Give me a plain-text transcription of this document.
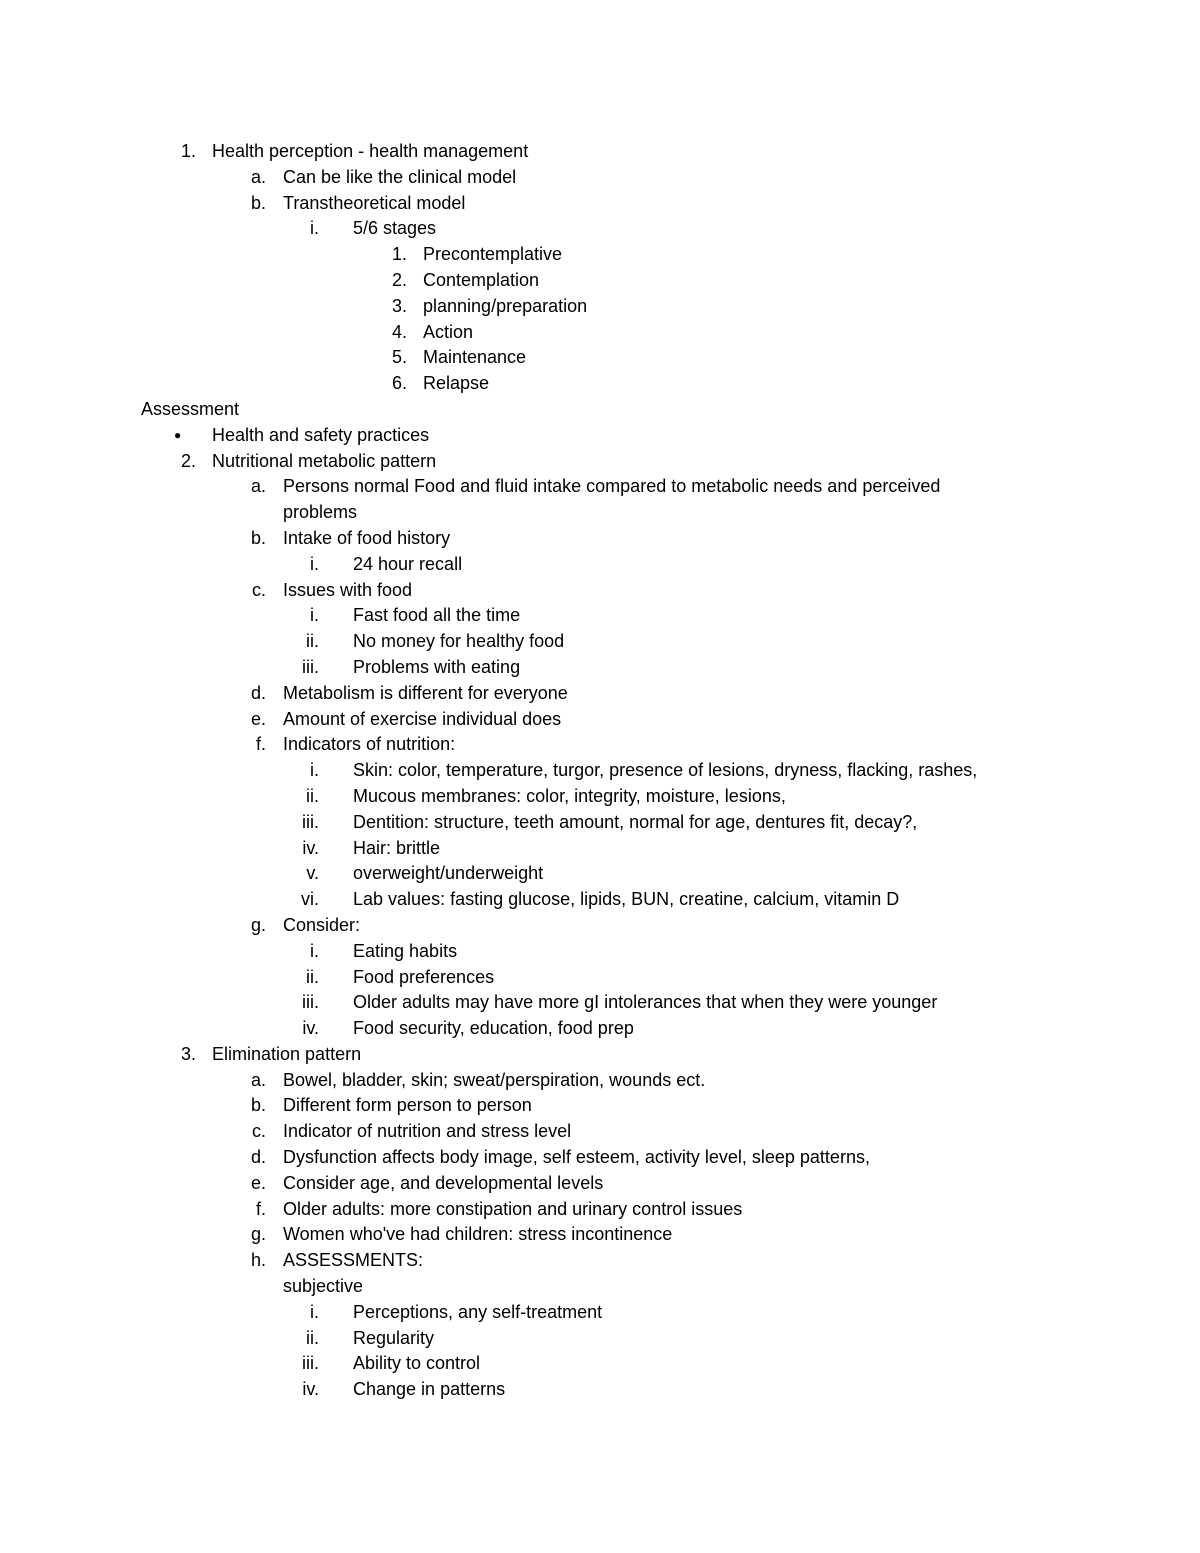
1. Health perception - health management
a. Can be like the clinical model
b. Transtheoretical model
i. 5/6 stages
1. Precontemplative
2. Contemplation
3. planning/preparation
4. Action
5. Maintenance
6. Relapse
Assessment
● Health and safety practices
2. Nutritional metabolic pattern
a. Persons normal Food and fluid intake compared to metabolic needs and perceived
problems
b. Intake of food history
i. 24 hour recall
c. Issues with food
i. Fast food all the time
ii. No money for healthy food
iii. Problems with eating
d. Metabolism is different for everyone
e. Amount of exercise individual does
f. Indicators of nutrition:
i. Skin: color, temperature, turgor, presence of lesions, dryness, flacking, rashes,
ii. Mucous membranes: color, integrity, moisture, lesions,
iii. Dentition: structure, teeth amount, normal for age, dentures fit, decay?,
iv. Hair: brittle
v. overweight/underweight
vi. Lab values: fasting glucose, lipids, BUN, creatine, calcium, vitamin D
g. Consider:
i. Eating habits
ii. Food preferences
iii. Older adults may have more gI intolerances that when they were younger
iv. Food security, education, food prep
3. Elimination pattern
a. Bowel, bladder, skin; sweat/perspiration, wounds ect.
b. Different form person to person
c. Indicator of nutrition and stress level
d. Dysfunction affects body image, self esteem, activity level, sleep patterns,
e. Consider age, and developmental levels
f. Older adults: more constipation and urinary control issues
g. Women who've had children: stress incontinence
h. ASSESSMENTS:
subjective
i. Perceptions, any self-treatment
ii. Regularity
iii. Ability to control
iv. Change in patterns
